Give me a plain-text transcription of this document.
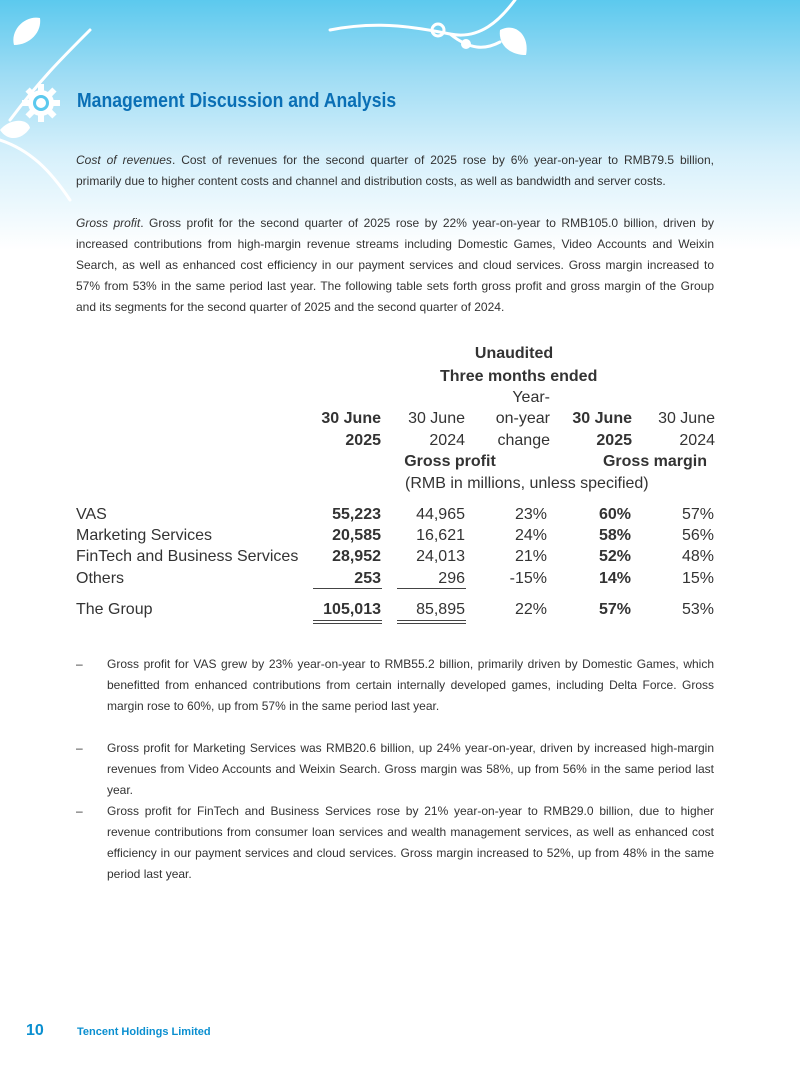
Management Discussion and Analysis

Cost of revenues. Cost of revenues for the second quarter of 2025 rose by 6% year-on-year to RMB79.5 billion, primarily due to higher content costs and channel and distribution costs, as well as bandwidth and server costs.

Gross profit. Gross profit for the second quarter of 2025 rose by 22% year-on-year to RMB105.0 billion, driven by increased contributions from high-margin revenue streams including Domestic Games, Video Accounts and Weixin Search, as well as enhanced cost efficiency in our payment services and cloud services. Gross margin increased to 57% from 53% in the same period last year. The following table sets forth gross profit and gross margin of the Group and its segments for the second quarter of 2025 and the second quarter of 2024.

Unaudited
Three months ended
Year-
30 June	30 June	on-year	30 June	30 June
2025	2024	change	2025	2024
Gross profit	Gross margin
(RMB in millions, unless specified)
VAS	55,223	44,965	23%	60%	57%
Marketing Services	20,585	16,621	24%	58%	56%
FinTech and Business Services	28,952	24,013	21%	52%	48%
Others	253	296	-15%	14%	15%
The Group	105,013	85,895	22%	57%	53%
– Gross profit for VAS grew by 23% year-on-year to RMB55.2 billion, primarily driven by Domestic Games, which benefitted from enhanced contributions from certain internally developed games, including Delta Force. Gross margin rose to 60%, up from 57% in the same period last year.
– Gross profit for Marketing Services was RMB20.6 billion, up 24% year-on-year, driven by increased high-margin revenues from Video Accounts and Weixin Search. Gross margin was 58%, up from 56% in the same period last year.
– Gross profit for FinTech and Business Services rose by 21% year-on-year to RMB29.0 billion, due to higher revenue contributions from consumer loan services and wealth management services, as well as enhanced cost efficiency in our payment services and cloud services. Gross margin increased to 52%, up from 48% in the same period last year.
10	Tencent Holdings Limited
